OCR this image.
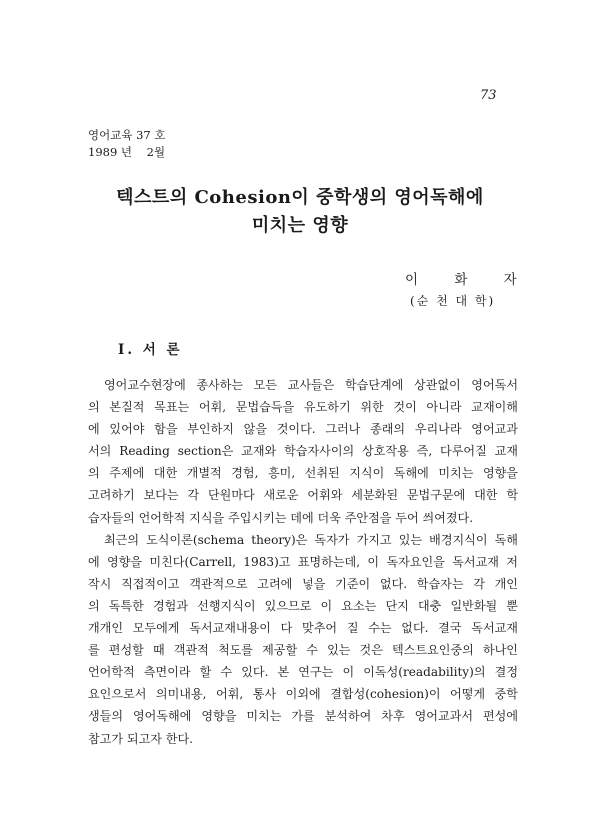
73
영어교육 37 호
1989 년    2월
텍스트의 Cohesion이 중학생의 영어독해에
미치는 영향
이 화 자
(순 천 대 학)
Ⅰ. 서 론
영어교수현장에 종사하는 모든 교사들은 학습단계에 상관없이 영어독서
의 본질적 목표는 어휘, 문법습득을 유도하기 위한 것이 아니라 교재이해
에 있어야 함을 부인하지 않을 것이다. 그러나 종래의 우리나라 영어교과
서의 Reading section은 교재와 학습자사이의 상호작용 즉, 다루어질 교재
의 주제에 대한 개별적 경험, 흥미, 선취된 지식이 독해에 미치는 영향을
고려하기 보다는 각 단원마다 새로운 어휘와 세분화된 문법구문에 대한 학
습자들의 언어학적 지식을 주입시키는 데에 더욱 주안점을 두어 씌여졌다.
최근의 도식이론(schema theory)은 독자가 가지고 있는 배경지식이 독해
에 영향을 미친다(Carrell, 1983)고 표명하는데, 이 독자요인을 독서교재 저
작시 직접적이고 객관적으로 고려에 넣을 기준이 없다. 학습자는 각 개인
의 독특한 경험과 선행지식이 있으므로 이 요소는 단지 대충 일반화될 뿐
개개인 모두에게 독서교재내용이 다 맞추어 질 수는 없다. 결국 독서교재
를 편성할 때 객관적 척도를 제공할 수 있는 것은 텍스트요인중의 하나인
언어학적 측면이라 할 수 있다. 본 연구는 이 이독성(readability)의 결정
요인으로서 의미내용, 어휘, 통사 이외에 결합성(cohesion)이 어떻게 중학
생들의 영어독해에 영향을 미치는 가를 분석하여 차후 영어교과서 편성에
참고가 되고자 한다.
